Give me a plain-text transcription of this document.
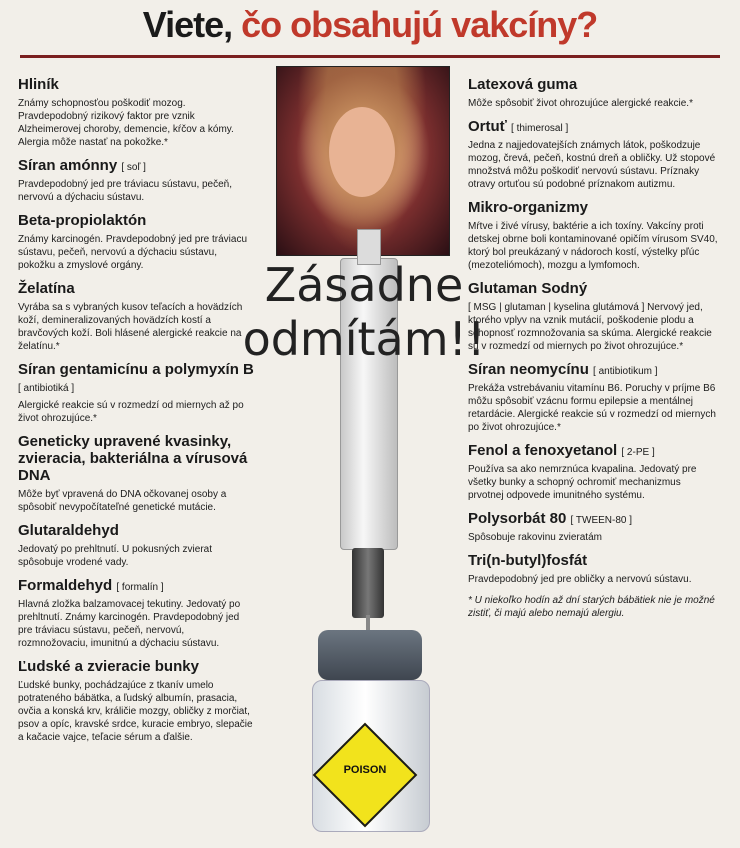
Viete, čo obsahujú vakcíny?
Hliník

Známy schopnosťou poškodiť mozog. Pravdepodobný rizikový faktor pre vznik Alzheimerovej choroby, demencie, kŕčov a kómy. Alergia môže nastať na pokožke.*

Síran amónny [ soľ ]

Pravdepodobný jed pre tráviacu sústavu, pečeň, nervovú a dýchaciu sústavu.

Beta-propiolaktón

Známy karcinogén. Pravdepodobný jed pre tráviacu sústavu, pečeň, nervovú a dýchaciu sústavu, pokožku a zmyslové orgány.

Želatína

Vyrába sa s vybraných kusov teľacích a hovädzích koží, demineralizovaných hovädzích kostí a bravčových koží. Boli hlásené alergické reakcie na želatínu.*

Síran gentamicínu a polymyxín B [ antibiotiká ]

Alergické reakcie sú v rozmedzí od miernych až po život ohrozujúce.*

Geneticky upravené kvasinky, zvieracia, bakteriálna a vírusová DNA

Môže byť vpravená do DNA očkovanej osoby a spôsobiť nevypočítateľné genetické mutácie.

Glutaraldehyd

Jedovatý po prehltnutí. U pokusných zvierat spôsobuje vrodené vady.

Formaldehyd [ formalín ]

Hlavná zložka balzamovacej tekutiny. Jedovatý po prehltnutí. Známy karcinogén. Pravdepodobný jed pre tráviacu sústavu, pečeň, nervovú, rozmnožovaciu, imunitnú a dýchaciu sústavu.

Ľudské a zvieracie bunky

Ľudské bunky, pochádzajúce z tkanív umelo potrateného bábätka, a ľudský albumín, prasacia, ovčia a konská krv, králičie mozgy, obličky z morčiat, psov a opíc, kravské srdce, kuracie embryo, slepačie a kačacie vajce, teľacie sérum a ďalšie.

Latexová guma

Môže spôsobiť život ohrozujúce alergické reakcie.*

Ortuť [ thimerosal ]

Jedna z najjedovatejších známych látok, poškodzuje mozog, črevá, pečeň, kostnú dreň a obličky. Už stopové množstvá môžu poškodiť nervovú sústavu. Príznaky otravy ortuťou sú podobné príznakom autizmu.

Mikro-organizmy

Mŕtve i živé vírusy, baktérie a ich toxíny. Vakcíny proti detskej obrne boli kontaminované opičím vírusom SV40, ktorý bol preukázaný v nádoroch kostí, výstelky pľúc (mezoteliómoch), mozgu a lymfomoch.

Glutaman Sodný

[ MSG | glutaman | kyselina glutámová ] Nervový jed, ktorého vplyv na vznik mutácií, poškodenie plodu a schopnosť rozmnožovania sa skúma. Alergické reakcie sú v rozmedzí od miernych po život ohrozujúce.*

Síran neomycínu [ antibiotikum ]

Prekáža vstrebávaniu vitamínu B6. Poruchy v príjme B6 môžu spôsobiť vzácnu formu epilepsie a mentálnej retardácie. Alergické reakcie sú v rozmedzí od miernych po život ohrozujúce.*

Fenol a fenoxyetanol [ 2-PE ]

Používa sa ako nemrznúca kvapalina. Jedovatý pre všetky bunky a schopný ochromiť mechanizmus prvotnej odpovede imunitného systému.

Polysorbát 80 [ TWEEN-80 ]

Spôsobuje rakovinu zvieratám

Tri(n-butyl)fosfát

Pravdepodobný jed pre obličky a nervovú sústavu.

* U niekoľko hodín až dní starých bábätiek nie je možné zistiť, či majú alebo nemajú alergiu.

POISON
Zásadne
odmítám!!
